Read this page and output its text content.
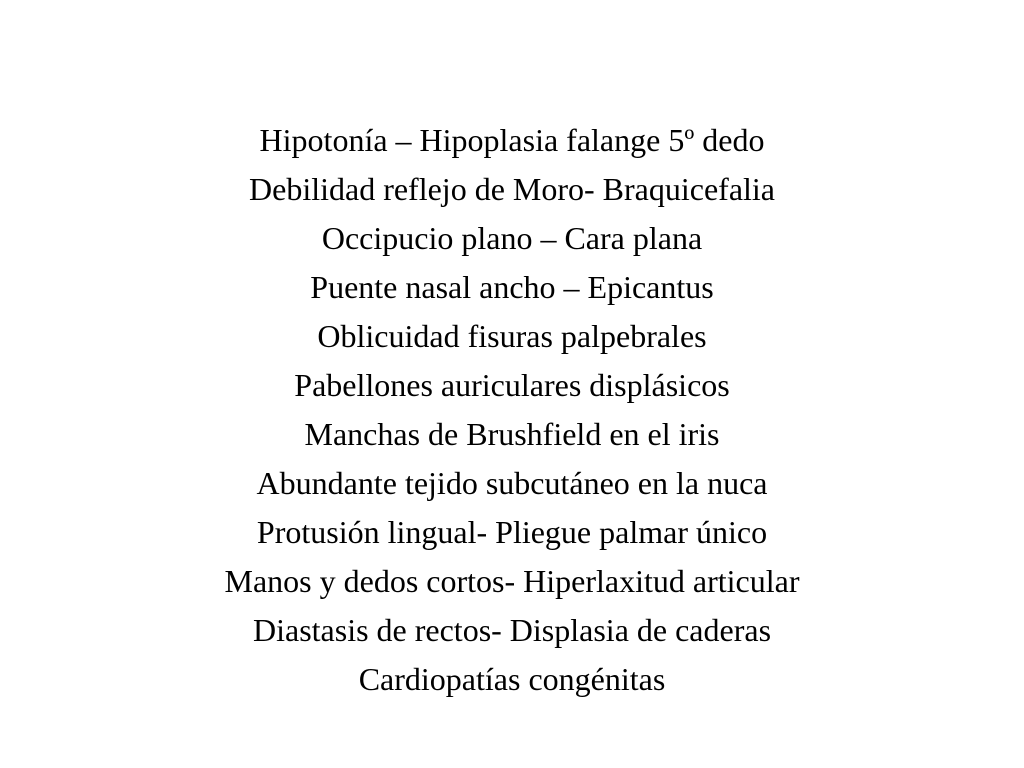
Hipotonía – Hipoplasia falange 5º dedo
Debilidad reflejo de Moro- Braquicefalia
Occipucio plano – Cara plana
Puente nasal ancho – Epicantus
Oblicuidad fisuras palpebrales
Pabellones auriculares displásicos
Manchas de Brushfield en el iris
Abundante tejido subcutáneo en la nuca
Protusión lingual- Pliegue palmar único
Manos y dedos cortos- Hiperlaxitud articular
Diastasis de rectos- Displasia de caderas
Cardiopatías congénitas
